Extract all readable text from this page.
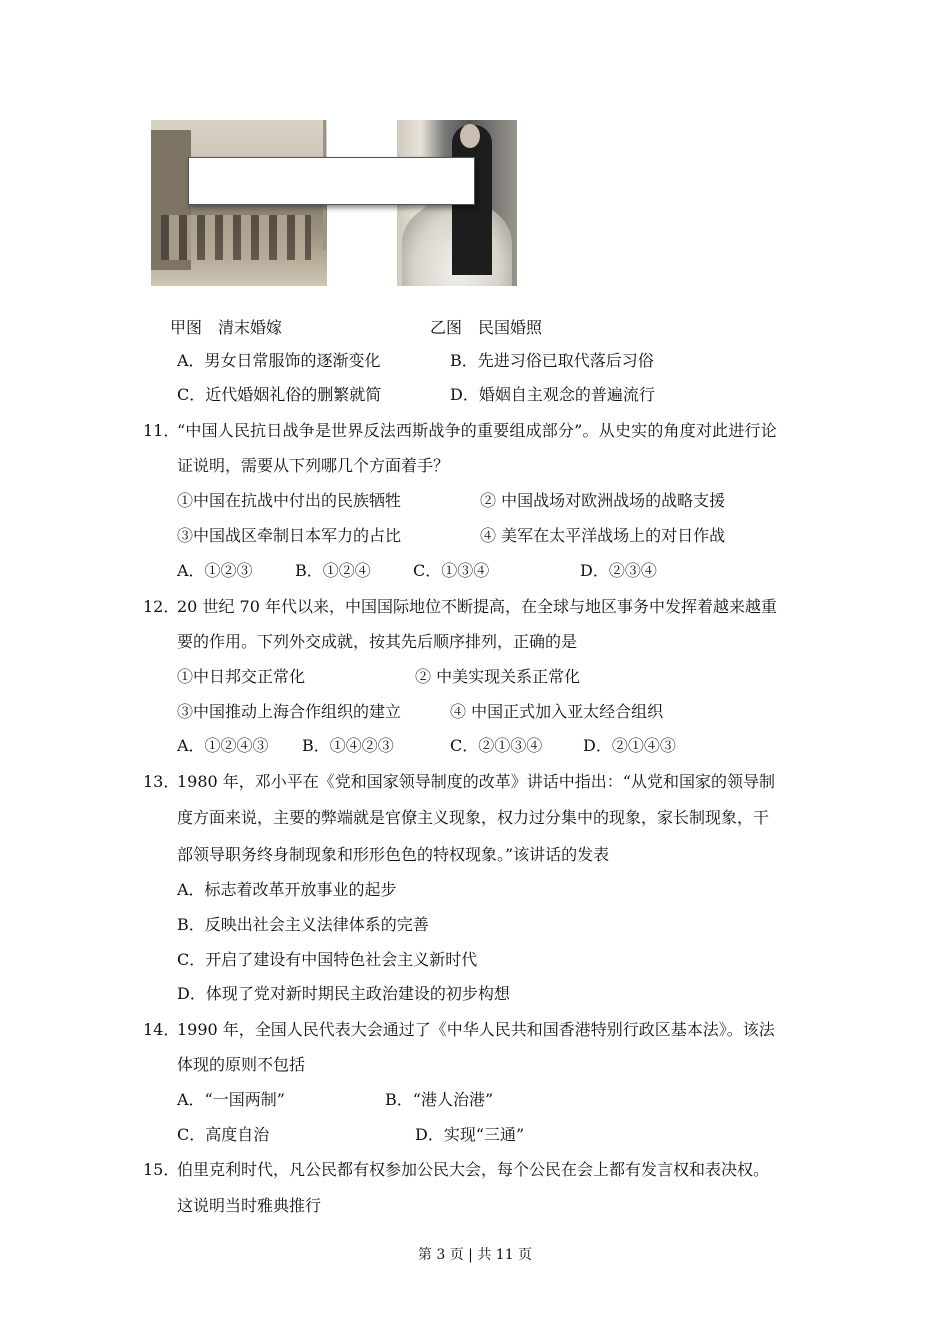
甲图　清末婚嫁	乙图　民国婚照
A．男女日常服饰的逐渐变化	B．先进习俗已取代落后习俗
C．近代婚姻礼俗的删繁就简	D．婚姻自主观念的普遍流行
11．
“中国人民抗日战争是世界反法西斯战争的重要组成部分”。从史实的角度对此进行论
证说明，需要从下列哪几个方面着手？
①中国在抗战中付出的民族牺牲	② 中国战场对欧洲战场的战略支援
③中国战区牵制日本军力的占比	④ 美军在太平洋战场上的对日作战
A．①②③	B．①②④	C．①③④	D．②③④
12．
20 世纪 70 年代以来，中国国际地位不断提高，在全球与地区事务中发挥着越来越重
要的作用。下列外交成就，按其先后顺序排列，正确的是
①中日邦交正常化	② 中美实现关系正常化
③中国推动上海合作组织的建立	④ 中国正式加入亚太经合组织
A．①②④③ B．①④②③	C．②①③④	D．②①④③
13．
1980 年，邓小平在《党和国家领导制度的改革》讲话中指出：“从党和国家的领导制
度方面来说，主要的弊端就是官僚主义现象，权力过分集中的现象，家长制现象，干
部领导职务终身制现象和形形色色的特权现象。”该讲话的发表
A．标志着改革开放事业的起步
B．反映出社会主义法律体系的完善
C．开启了建设有中国特色社会主义新时代
D．体现了党对新时期民主政治建设的初步构想
14．
1990 年，全国人民代表大会通过了《中华人民共和国香港特别行政区基本法》。该法
体现的原则不包括
A．“一国两制”	B．“港人治港”
C．高度自治	D．实现“三通”
15．
伯里克利时代，凡公民都有权参加公民大会，每个公民在会上都有发言权和表决权。
这说明当时雅典推行
第 3 页 | 共 11 页
